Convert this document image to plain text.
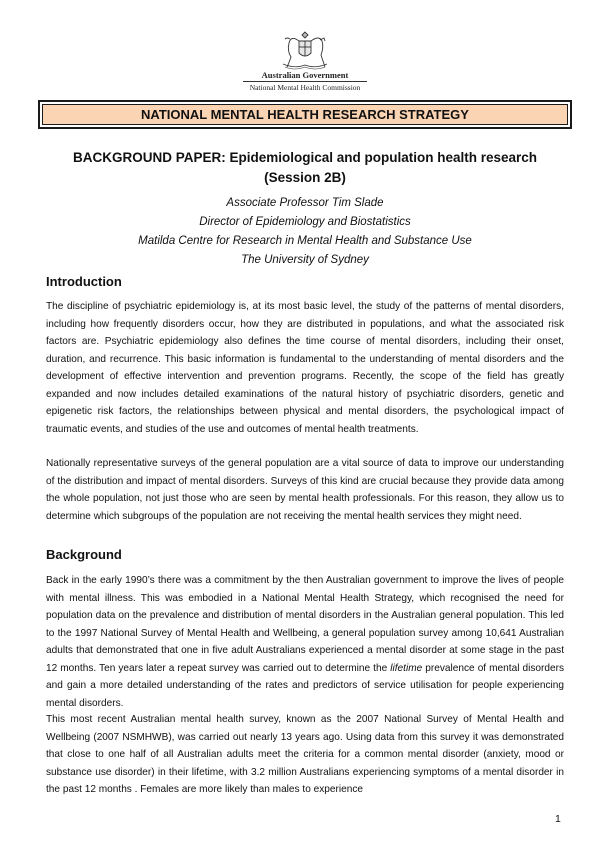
Australian Government
National Mental Health Commission
NATIONAL MENTAL HEALTH RESEARCH STRATEGY
BACKGROUND PAPER: Epidemiological and population health research
(Session 2B)
Associate Professor Tim Slade
Director of Epidemiology and Biostatistics
Matilda Centre for Research in Mental Health and Substance Use
The University of Sydney
Introduction

The discipline of psychiatric epidemiology is, at its most basic level, the study of the patterns of mental disorders, including how frequently disorders occur, how they are distributed in populations, and what the associated risk factors are. Psychiatric epidemiology also defines the time course of mental disorders, including their onset, duration, and recurrence. This basic information is fundamental to the understanding of mental disorders and the development of effective intervention and prevention programs. Recently, the scope of the field has greatly expanded and now includes detailed examinations of the natural history of psychiatric disorders, genetic and epigenetic risk factors, the relationships between physical and mental disorders, the psychological impact of traumatic events, and studies of the use and outcomes of mental health treatments.

Nationally representative surveys of the general population are a vital source of data to improve our understanding of the distribution and impact of mental disorders. Surveys of this kind are crucial because they provide data among the whole population, not just those who are seen by mental health professionals. For this reason, they allow us to determine which subgroups of the population are not receiving the mental health services they might need.

Background

Back in the early 1990’s there was a commitment by the then Australian government to improve the lives of people with mental illness. This was embodied in a National Mental Health Strategy, which recognised the need for population data on the prevalence and distribution of mental disorders in the Australian general population. This led to the 1997 National Survey of Mental Health and Wellbeing, a general population survey among 10,641 Australian adults that demonstrated that one in five adult Australians experienced a mental disorder at some stage in the past 12 months. Ten years later a repeat survey was carried out to determine the lifetime prevalence of mental disorders and gain a more detailed understanding of the rates and predictors of service utilisation for people experiencing mental disorders.

This most recent Australian mental health survey, known as the 2007 National Survey of Mental Health and Wellbeing (2007 NSMHWB), was carried out nearly 13 years ago. Using data from this survey it was demonstrated that close to one half of all Australian adults meet the criteria for a common mental disorder (anxiety, mood or substance use disorder) in their lifetime, with 3.2 million Australians experiencing symptoms of a mental disorder in the past 12 months . Females are more likely than males to experience

1
